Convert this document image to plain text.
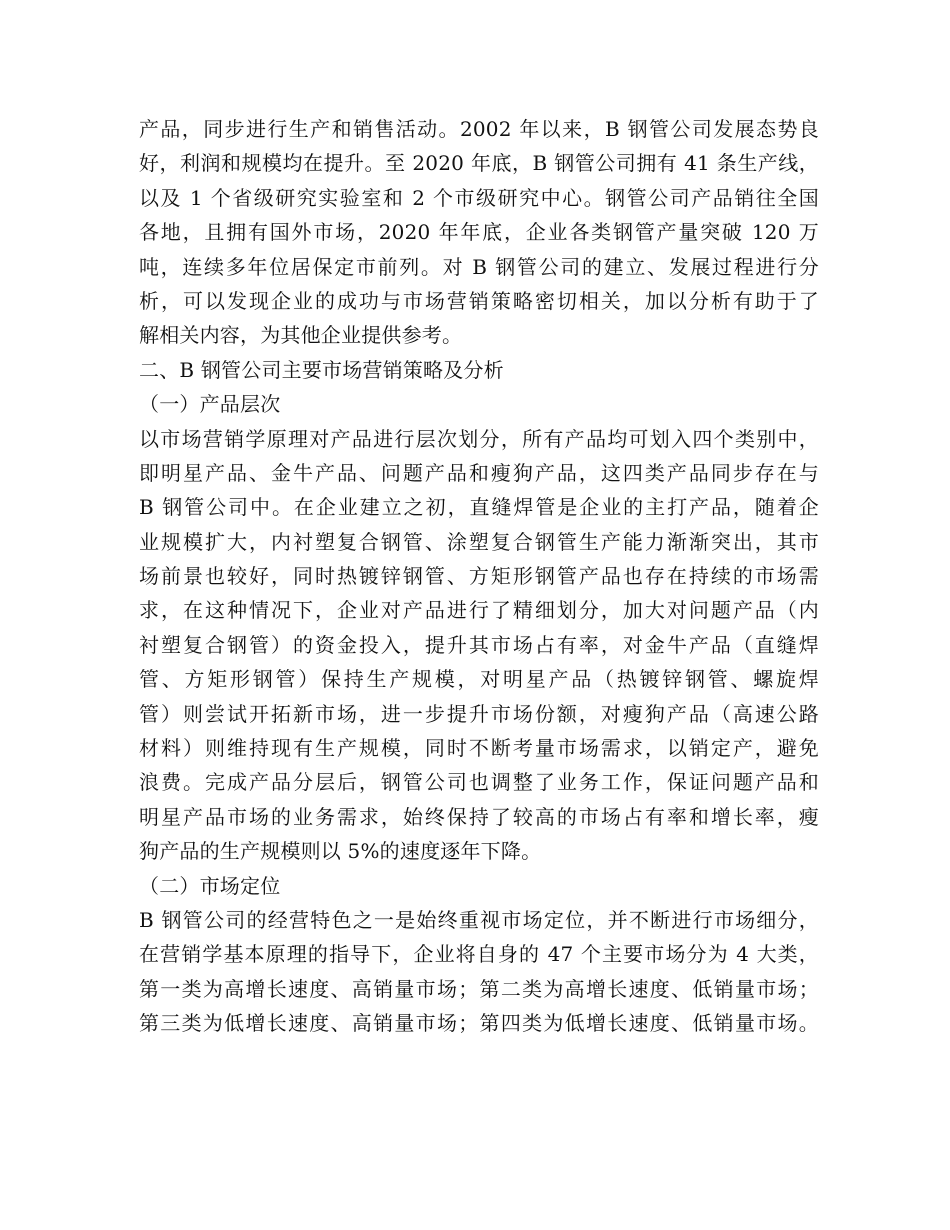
产品，同步进行生产和销售活动。2002 年以来，B 钢管公司发展态势良
好，利润和规模均在提升。至 2020 年底，B 钢管公司拥有 41 条生产线，
以及 1 个省级研究实验室和 2 个市级研究中心。钢管公司产品销往全国
各地，且拥有国外市场，2020 年年底，企业各类钢管产量突破 120 万
吨，连续多年位居保定市前列。对 B 钢管公司的建立、发展过程进行分
析，可以发现企业的成功与市场营销策略密切相关，加以分析有助于了
解相关内容，为其他企业提供参考。
二、B 钢管公司主要市场营销策略及分析
（一）产品层次
以市场营销学原理对产品进行层次划分，所有产品均可划入四个类别中，
即明星产品、金牛产品、问题产品和瘦狗产品，这四类产品同步存在与
B 钢管公司中。在企业建立之初，直缝焊管是企业的主打产品，随着企
业规模扩大，内衬塑复合钢管、涂塑复合钢管生产能力渐渐突出，其市
场前景也较好，同时热镀锌钢管、方矩形钢管产品也存在持续的市场需
求，在这种情况下，企业对产品进行了精细划分，加大对问题产品（内
衬塑复合钢管）的资金投入，提升其市场占有率，对金牛产品（直缝焊
管、方矩形钢管）保持生产规模，对明星产品（热镀锌钢管、螺旋焊
管）则尝试开拓新市场，进一步提升市场份额，对瘦狗产品（高速公路
材料）则维持现有生产规模，同时不断考量市场需求，以销定产，避免
浪费。完成产品分层后，钢管公司也调整了业务工作，保证问题产品和
明星产品市场的业务需求，始终保持了较高的市场占有率和增长率，瘦
狗产品的生产规模则以 5%的速度逐年下降。
（二）市场定位
B 钢管公司的经营特色之一是始终重视市场定位，并不断进行市场细分，
在营销学基本原理的指导下，企业将自身的 47 个主要市场分为 4 大类，
第一类为高增长速度、高销量市场；第二类为高增长速度、低销量市场；
第三类为低增长速度、高销量市场；第四类为低增长速度、低销量市场。
